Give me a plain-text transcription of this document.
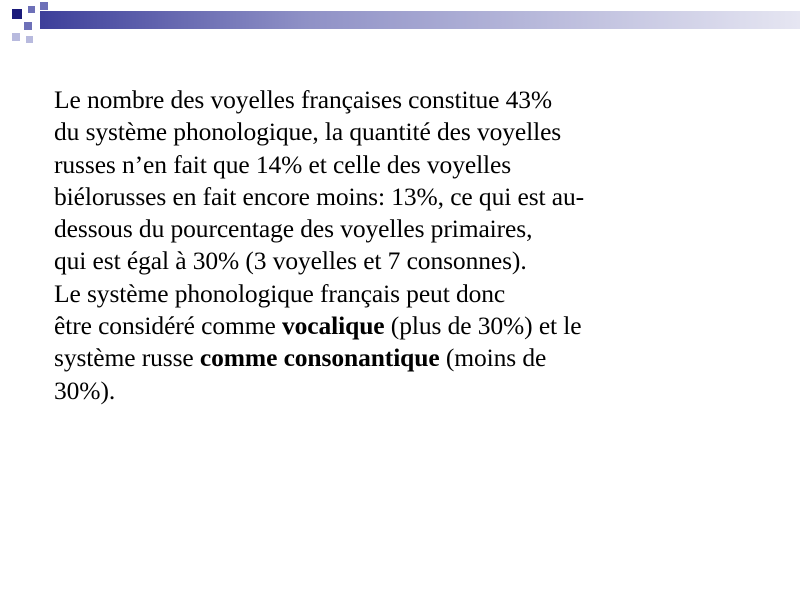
Le nombre des voyelles françaises constitue 43%
du système phonologique, la quantité des voyelles
russes n’en fait que 14% et celle des voyelles
biélorusses en fait encore moins: 13%, ce qui est au-
dessous du pourcentage des voyelles primaires,
qui est égal à 30% (3 voyelles et 7 consonnes).
Le système phonologique français peut donc
être considéré comme vocalique (plus de 30%) et le
système russe comme consonantique (moins de
30%).
